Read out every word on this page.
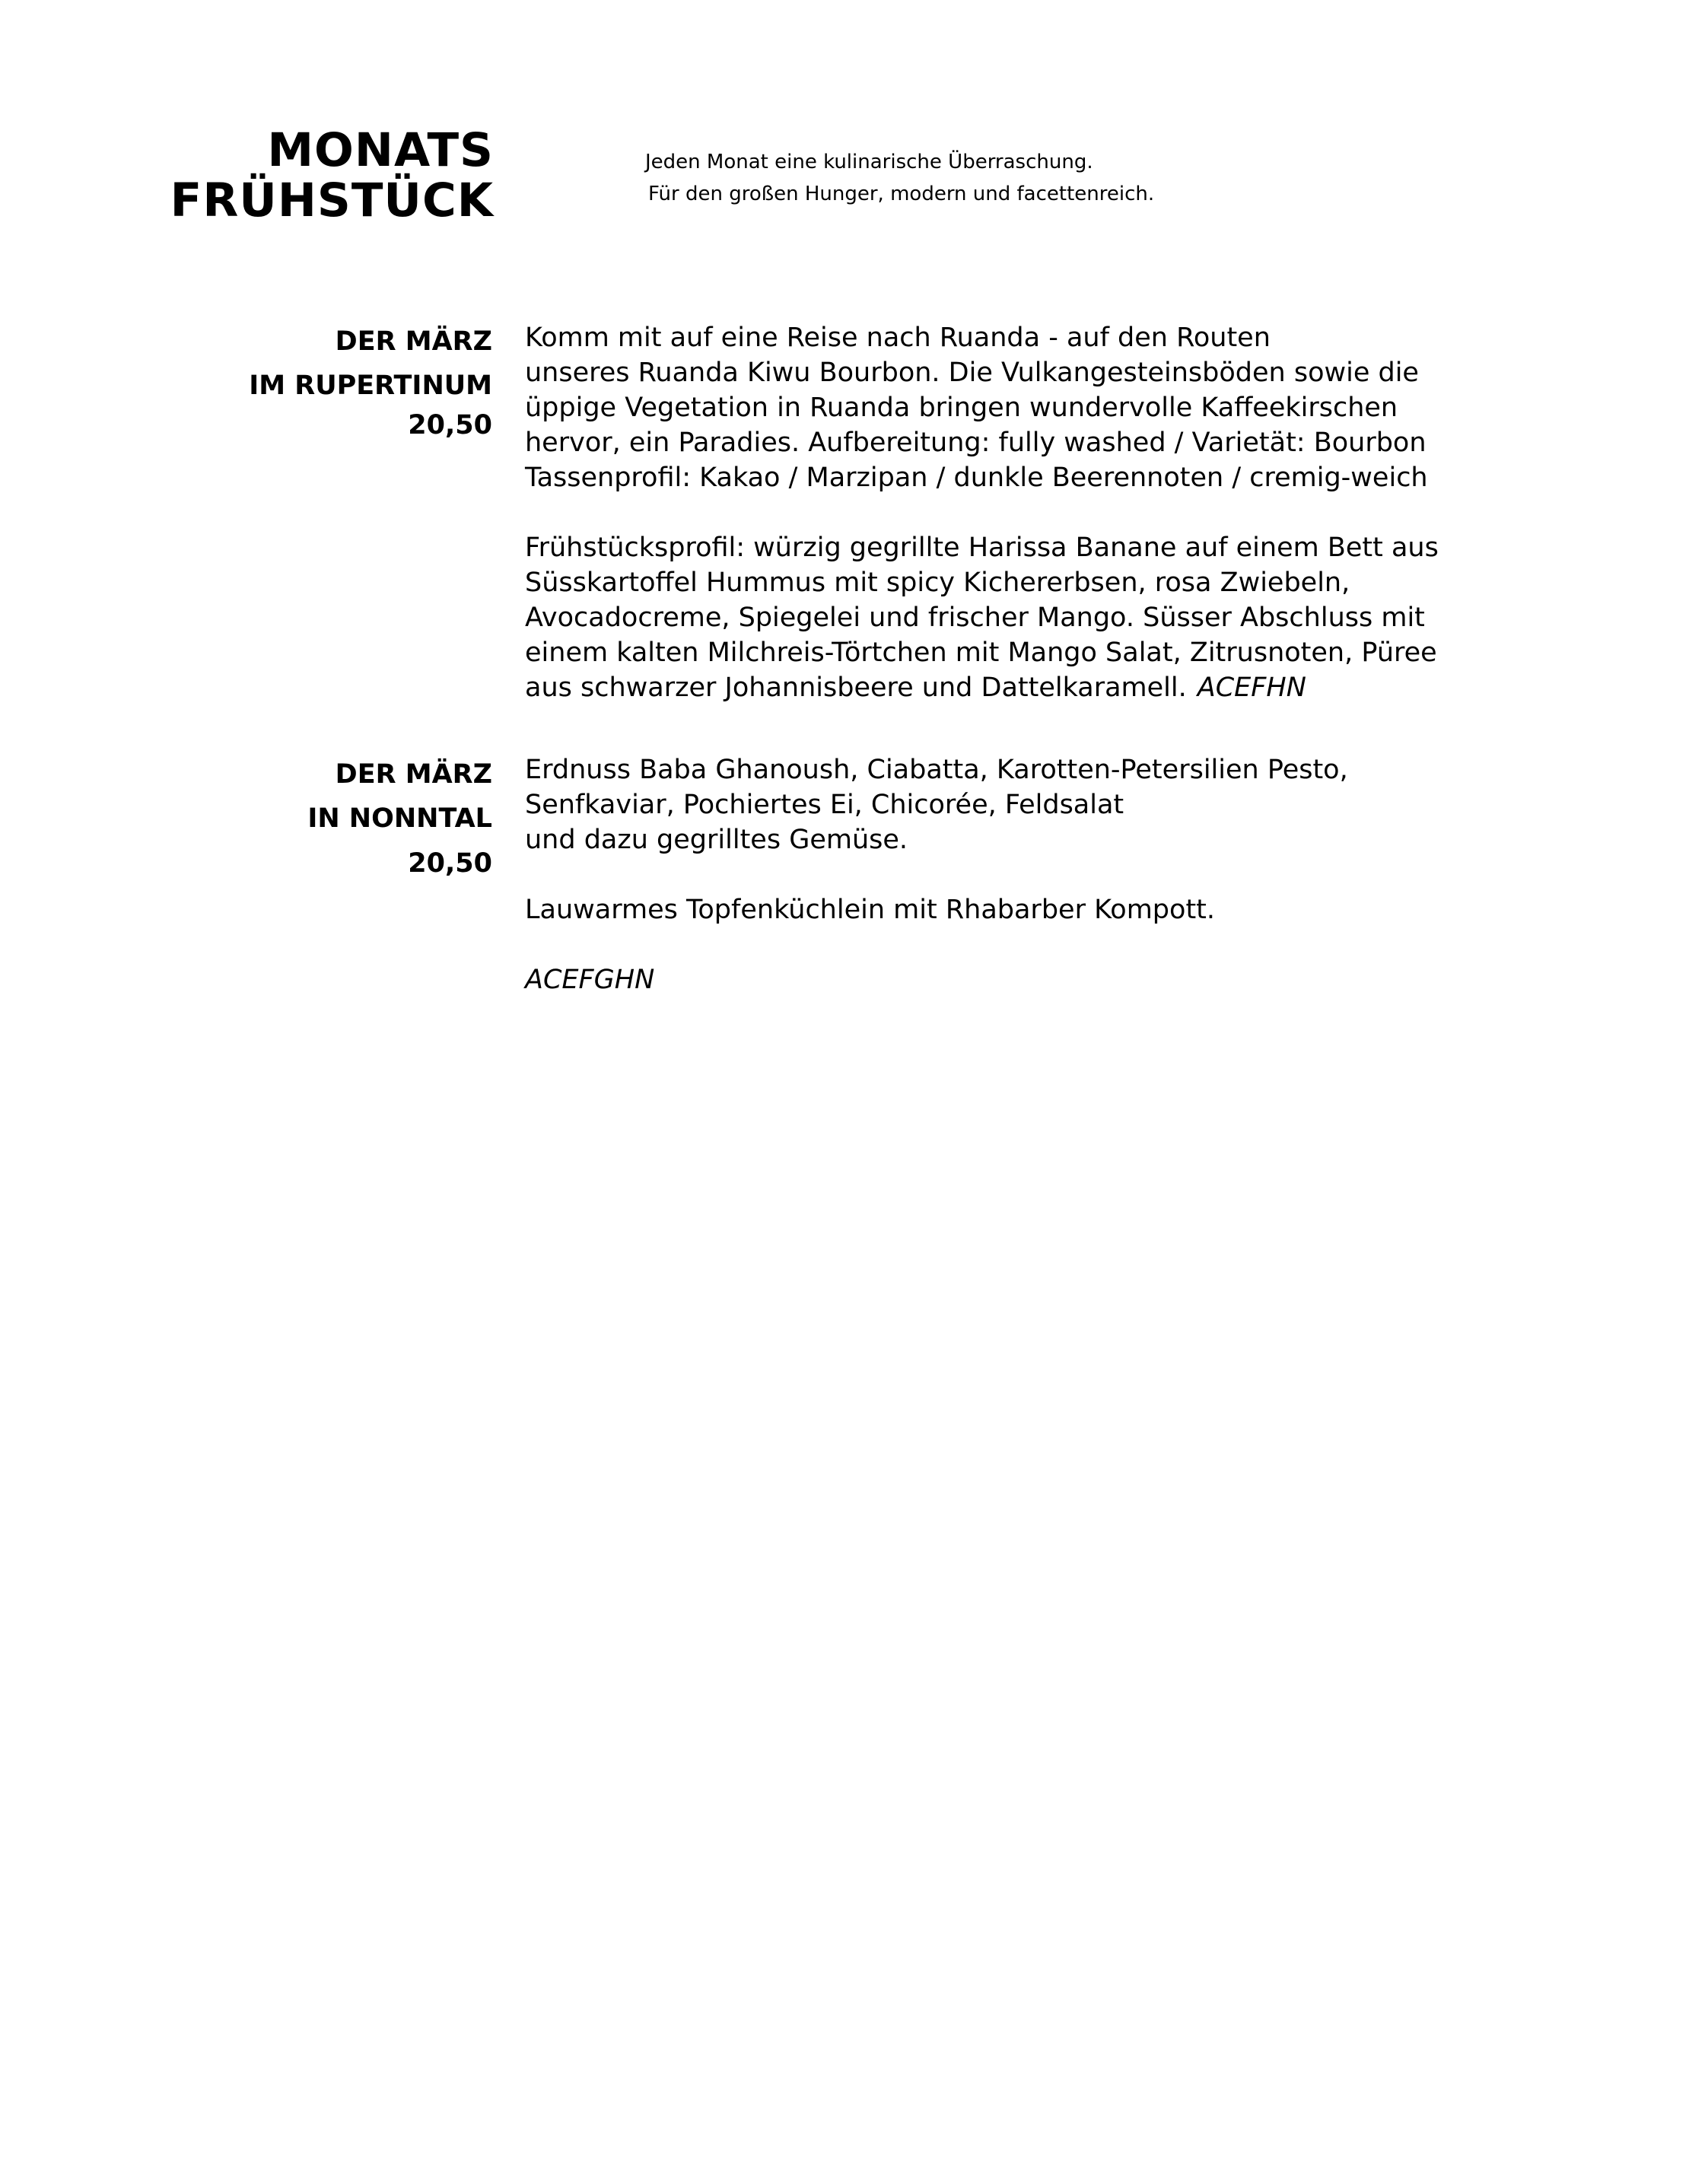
MONATS
FRÜHSTÜCK
Jeden Monat eine kulinarische Überraschung.
Für den großen Hunger, modern und facettenreich.
DER MÄRZ
IM RUPERTINUM
20,50

Komm mit auf eine Reise nach Ruanda - auf den Routen
unseres Ruanda Kiwu Bourbon. Die Vulkangesteinsböden sowie die
üppige Vegetation in Ruanda bringen wundervolle Kaffeekirschen
hervor, ein Paradies. Aufbereitung: fully washed / Varietät: Bourbon
Tassenprofil: Kakao / Marzipan / dunkle Beerennoten / cremig-weich

Frühstücksprofil: würzig gegrillte Harissa Banane auf einem Bett aus
Süsskartoffel Hummus mit spicy Kichererbsen, rosa Zwiebeln,
Avocadocreme, Spiegelei und frischer Mango. Süsser Abschluss mit
einem kalten Milchreis-Törtchen mit Mango Salat, Zitrusnoten, Püree
aus schwarzer Johannisbeere und Dattelkaramell. ACEFHN

DER MÄRZ
IN NONNTAL
20,50

Erdnuss Baba Ghanoush, Ciabatta, Karotten-Petersilien Pesto,
Senfkaviar, Pochiertes Ei, Chicorée, Feldsalat
und dazu gegrilltes Gemüse.

Lauwarmes Topfenküchlein mit Rhabarber Kompott.

ACEFGHN
